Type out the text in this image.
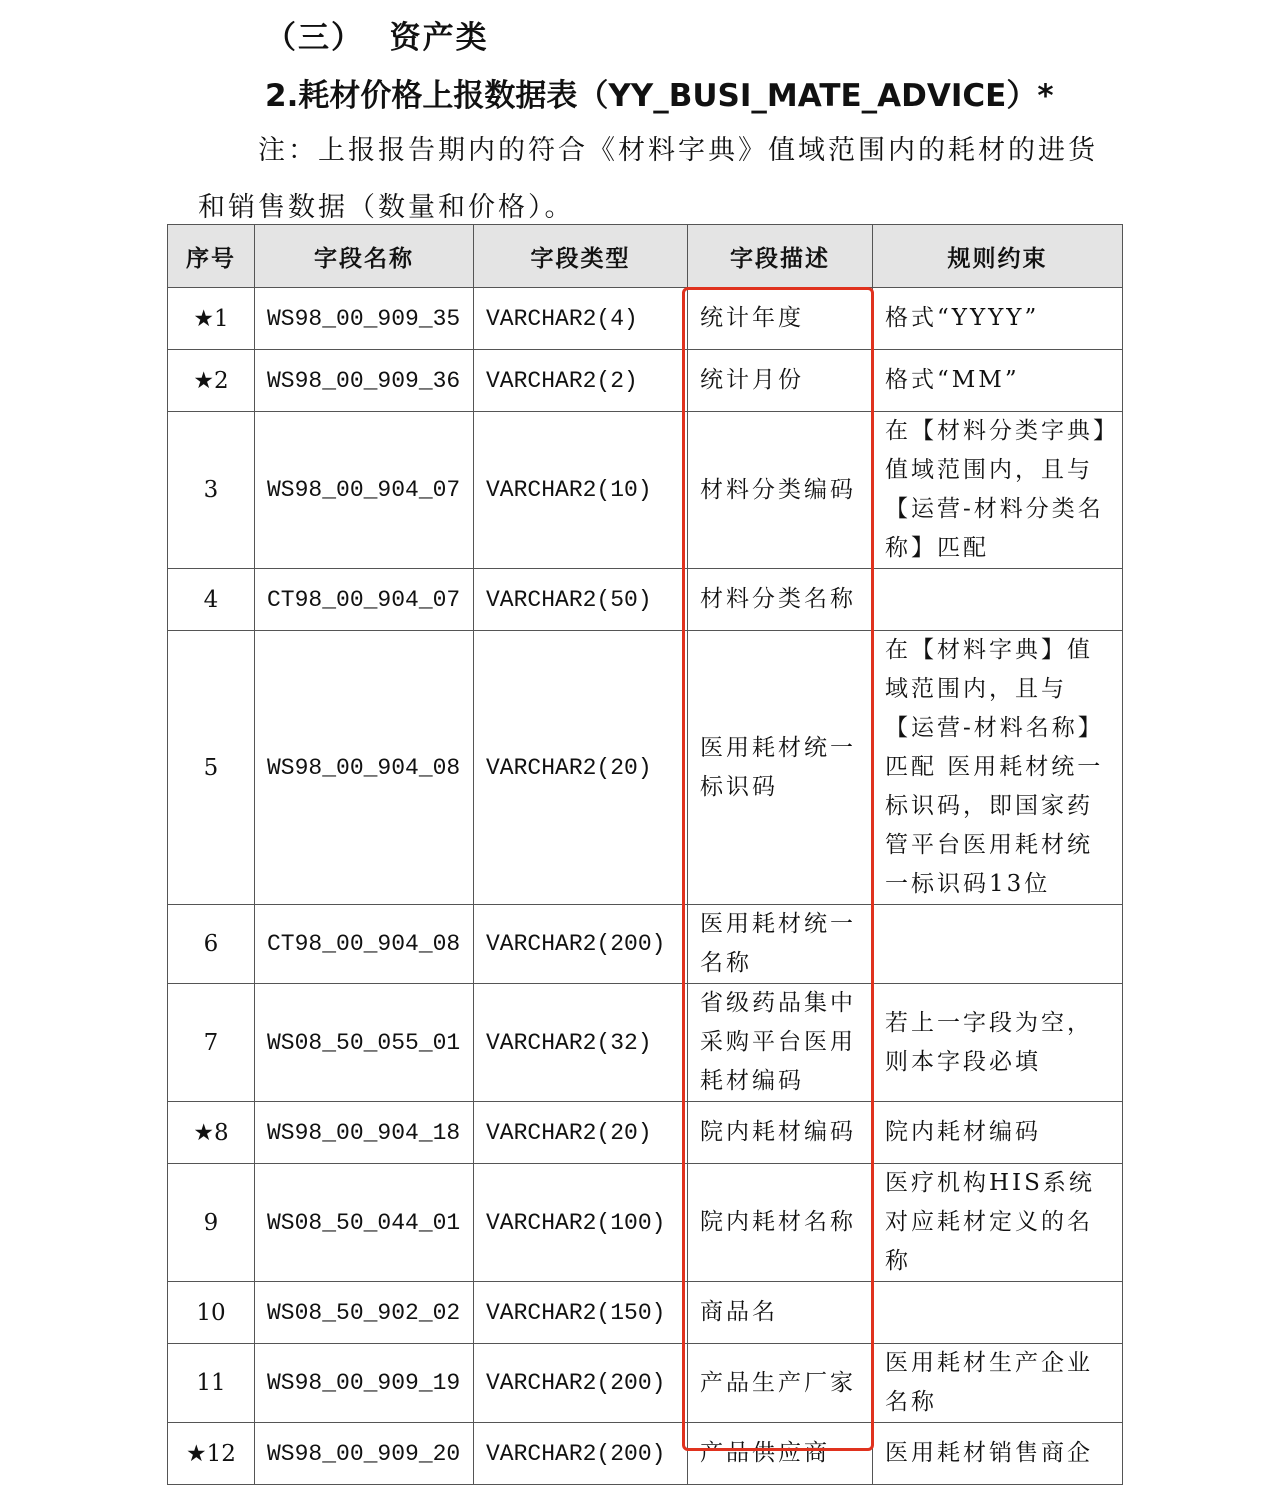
（三）  资产类
2.耗材价格上报数据表（YY_BUSI_MATE_ADVICE）*
注：上报报告期内的符合《材料字典》值域范围内的耗材的进货
和销售数据（数量和价格）。
序号	字段名称	字段类型	字段描述	规则约束
★1	WS98_00_909_35	VARCHAR2(4)	统计年度	格式“YYYY”
★2	WS98_00_909_36	VARCHAR2(2)	统计月份	格式“MM”
3	WS98_00_904_07	VARCHAR2(10)	材料分类编码	在【材料分类字典】值域范围内，且与【运营-材料分类名称】匹配
4	CT98_00_904_07	VARCHAR2(50)	材料分类名称	
5	WS98_00_904_08	VARCHAR2(20)	医用耗材统一标识码	在【材料字典】值域范围内，且与【运营-材料名称】匹配 医用耗材统一标识码，即国家药管平台医用耗材统一标识码13位
6	CT98_00_904_08	VARCHAR2(200)	医用耗材统一名称	
7	WS08_50_055_01	VARCHAR2(32)	省级药品集中采购平台医用耗材编码	若上一字段为空，则本字段必填
★8	WS98_00_904_18	VARCHAR2(20)	院内耗材编码	院内耗材编码
9	WS08_50_044_01	VARCHAR2(100)	院内耗材名称	医疗机构HIS系统对应耗材定义的名称
10	WS08_50_902_02	VARCHAR2(150)	商品名	
11	WS98_00_909_19	VARCHAR2(200)	产品生产厂家	医用耗材生产企业名称
★12	WS98_00_909_20	VARCHAR2(200)	产品供应商	医用耗材销售商企
